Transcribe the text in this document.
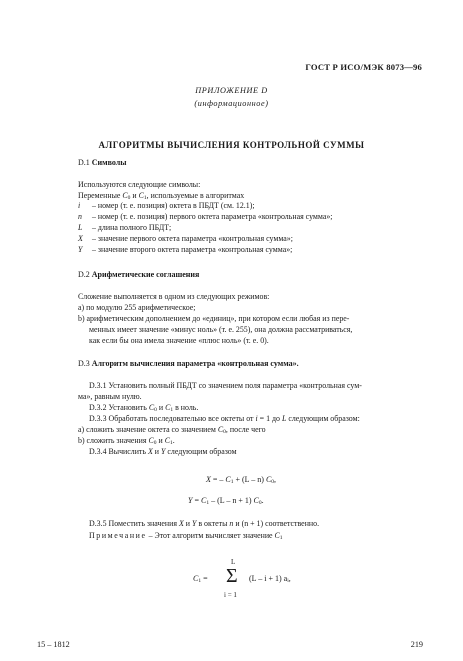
ГОСТ Р ИСО/МЭК 8073—96
ПРИЛОЖЕНИЕ D
(информационное)
АЛГОРИТМЫ ВЫЧИСЛЕНИЯ КОНТРОЛЬНОЙ СУММЫ
D.1 Символы
Используются следующие символы:
Переменные $C_0$ и $C_1$, используемые в алгоритмах
i – номер (т. е. позиция) октета в ПБДТ (см. 12.1);
n – номер (т. е. позиция) первого октета параметра «контрольная сумма»;
L – длина полного ПБДТ;
X – значение первого октета параметра «контрольная сумма»;
Y – значение второго октета параметра «контрольная сумма»;
D.2 Арифметические соглашения
Сложение выполняется в одном из следующих режимов:
a) по модулю 255 арифметическое;
b) арифметическим дополнением до «единиц», при котором если любая из пере-
менных имеет значение «минус ноль» (т. е. 255), она должна рассматриваться,
как если бы она имела значение «плюс ноль» (т. е. 0).
D.3 Алгоритм вычисления параметра «контрольная сумма».
D.3.1 Установить полный ПБДТ со значением поля параметра «контрольная сум-
ма», равным нулю.
D.3.2 Установить $C_0$ и $C_1$ в ноль.
D.3.3 Обработать последовательно все октеты от i = 1 до L следующим образом:
a) сложить значение октета со значением $C_0$, после чего
b) сложить значения $C_0$ и $C_1$.
D.3.4 Вычислить X и Y следующим образом
X = – $C_1 + (L - n)$ $C_0$,
$Y = C_1 - (L - n + 1)$ $C_0$.
D.3.5 Поместить значения X и Y в октеты n и (n + 1) соответственно.
Примечание – Этот алгоритм вычисляет значение $C_1$
L
Σ
i = 1
$C_1$ =	(L – i + 1) $a_i$,
15 – 1812	219
